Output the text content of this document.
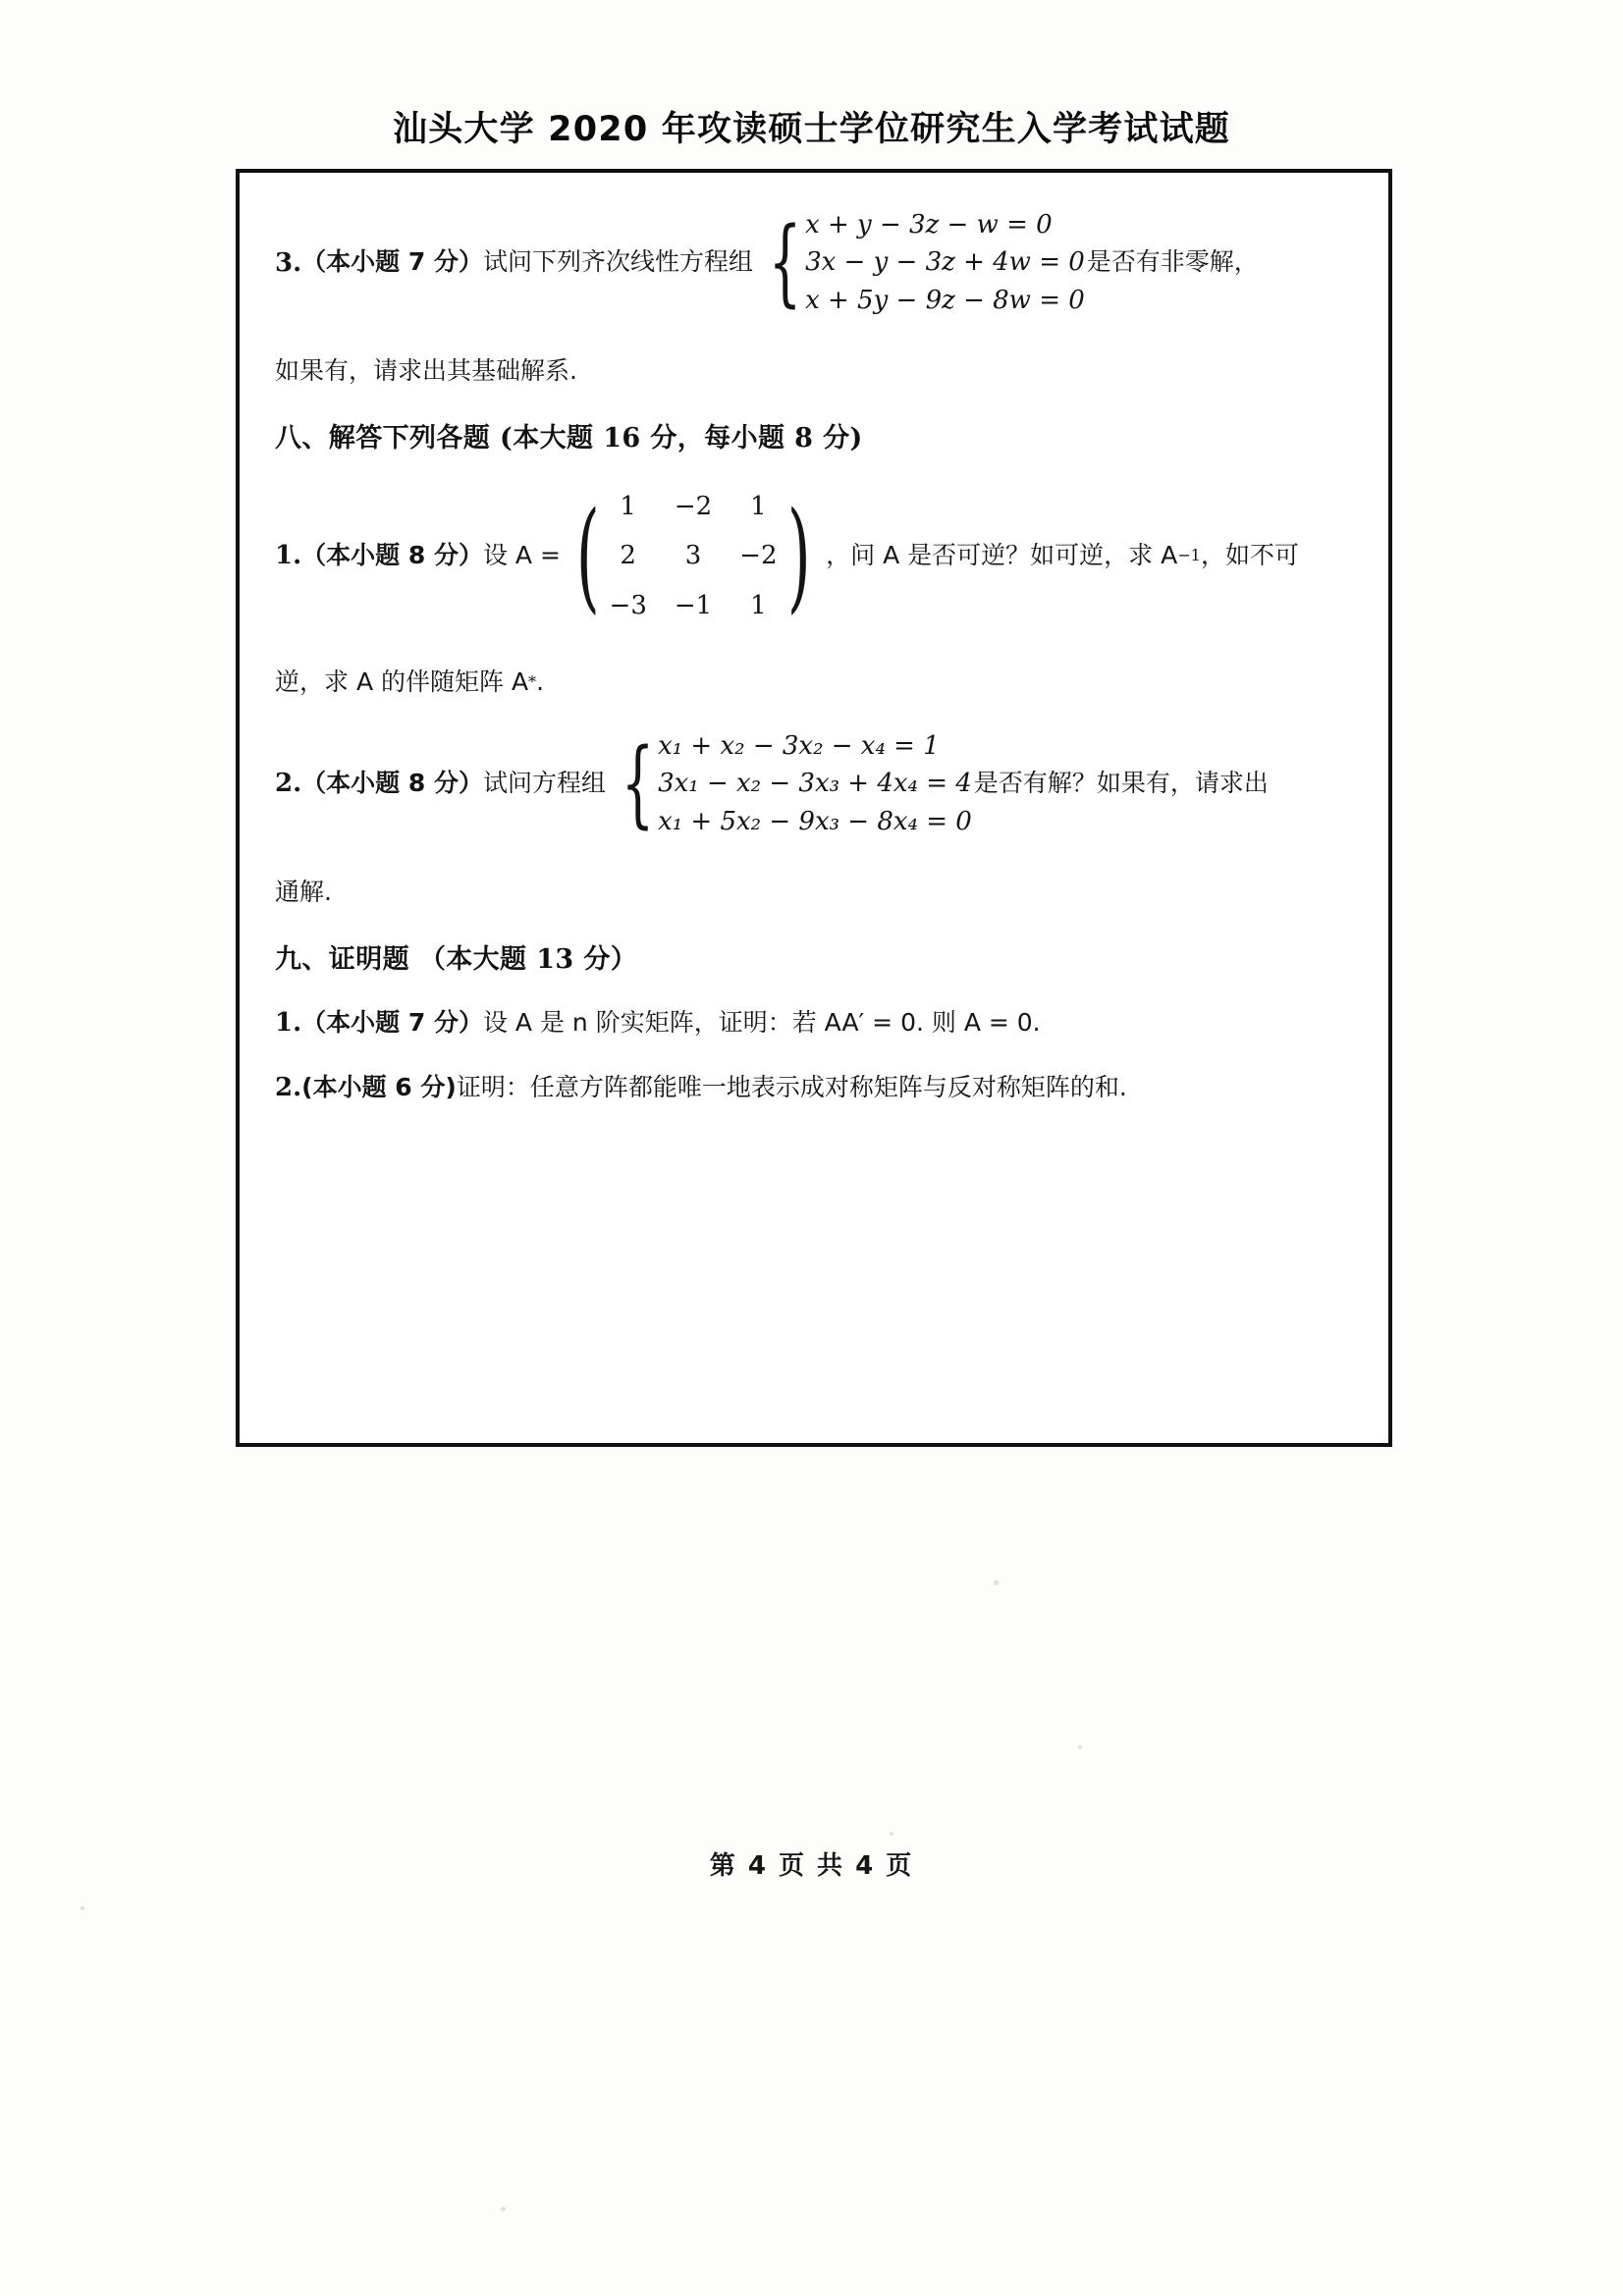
汕头大学 2020 年攻读硕士学位研究生入学考试试题
3. （本小题 7 分） 试问下列齐次线性方程组 { x + y − 3z − w = 0
3x − y − 3z + 4w = 0
x + 5y − 9z − 8w = 0
是否有非零解，
如果有，请求出其基础解系.
八、解答下列各题 (本大题 16 分，每小题 8 分)
1. （本小题 8 分） 设 A = ( 1	−2	1
2	3	−2
−3	−1	1 ) ，问 A 是否可逆？如可逆， 求 A −1 ，如不可
逆，求 A 的伴随矩阵 A * .
2. （本小题 8 分） 试问方程组 { x₁ + x₂ − 3x₂ − x₄ = 1
3x₁ − x₂ − 3x₃ + 4x₄ = 4
x₁ + 5x₂ − 9x₃ − 8x₄ = 0
是否有解？如果有，请求出
通解.
九、证明题 （本大题 13 分）
1. （本小题 7 分） 设 A 是 n 阶实矩阵，证明：若 AA′ = 0. 则 A = 0.
2. (本小题 6 分) 证明：任意方阵都能唯一地表示成对称矩阵与反对称矩阵的和.
第 4 页 共 4 页
